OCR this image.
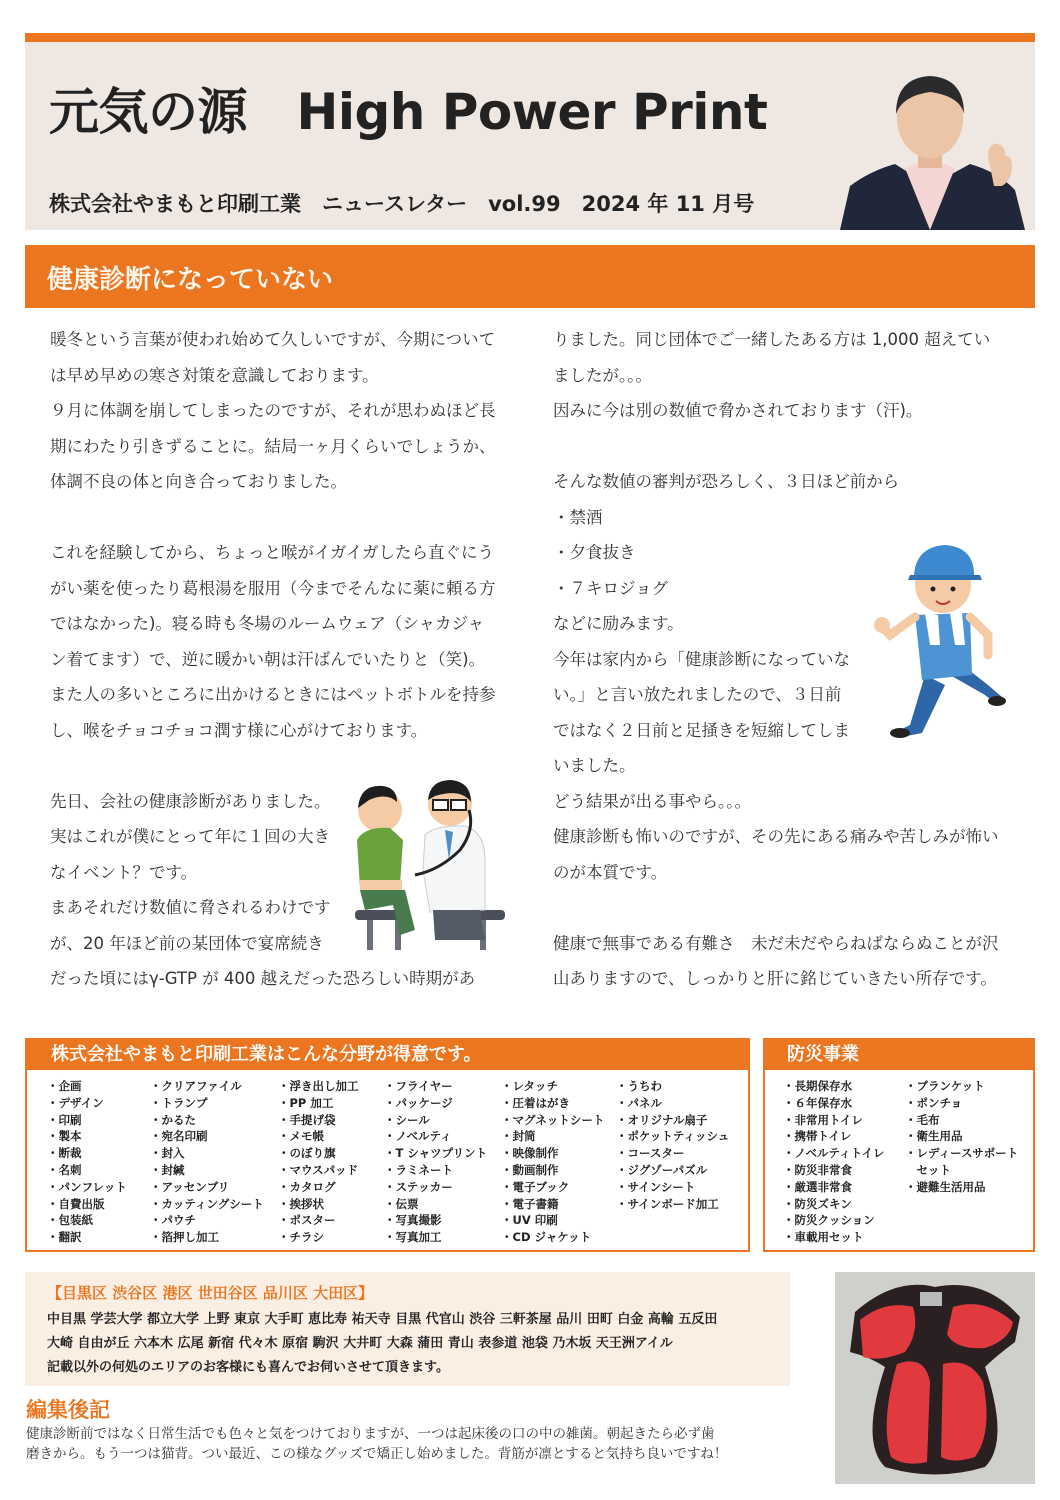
元気の源　High Power Print
株式会社やまもと印刷工業　ニュースレター　vol.99　2024 年 11 月号
健康診断になっていない

暖冬という言葉が使われ始めて久しいですが、今期について

は早め早めの寒さ対策を意識しております。

９月に体調を崩してしまったのですが、それが思わぬほど長

期にわたり引きずることに。結局一ヶ月くらいでしょうか、

体調不良の体と向き合っておりました。

これを経験してから、ちょっと喉がイガイガしたら直ぐにう

がい薬を使ったり葛根湯を服用（今までそんなに薬に頼る方

ではなかった)。寝る時も冬場のルームウェア（シャカジャ

ン着てます）で、逆に暖かい朝は汗ばんでいたりと（笑)。

また人の多いところに出かけるときにはペットボトルを持参

し、喉をチョコチョコ潤す様に心がけております。

先日、会社の健康診断がありました。

実はこれが僕にとって年に１回の大き

なイベント？です。

まあそれだけ数値に脅されるわけです

が、20 年ほど前の某団体で宴席続き

だった頃にはγ-GTP が 400 越えだった恐ろしい時期があ

りました。同じ団体でご一緒したある方は 1,000 超えてい

ましたが。。。

因みに今は別の数値で脅かされております（汗)。

そんな数値の審判が恐ろしく、３日ほど前から

・禁酒

・夕食抜き

・７キロジョグ

などに励みます。

今年は家内から「健康診断になっていな

い。」と言い放たれましたので、３日前

ではなく２日前と足掻きを短縮してしま

いました。

どう結果が出る事やら。。。

健康診断も怖いのですが、その先にある痛みや苦しみが怖い

のが本質です。

健康で無事である有難さ　未だ未だやらねばならぬことが沢

山ありますので、しっかりと肝に銘じていきたい所存です。

株式会社やまもと印刷工業はこんな分野が得意です。
・ 企画
・ デザイン
・ 印刷
・ 製本
・ 断裁
・ 名刺
・ パンフレット
・ 自費出版
・ 包装紙
・ 翻訳
・ クリアファイル
・ トランプ
・ かるた
・ 宛名印刷
・ 封入
・ 封緘
・ アッセンブリ
・ カッティングシート
・ パウチ
・ 箔押し加工
・ 浮き出し加工
・ PP 加工
・ 手提げ袋
・ メモ帳
・ のぼり旗
・ マウスパッド
・ カタログ
・ 挨拶状
・ ポスター
・ チラシ
・ フライヤー
・ パッケージ
・ シール
・ ノベルティ
・ T シャツプリント
・ ラミネート
・ ステッカー
・ 伝票
・ 写真撮影
・ 写真加工
・ レタッチ
・ 圧着はがき
・ マグネットシート
・ 封筒
・ 映像制作
・ 動画制作
・ 電子ブック
・ 電子書籍
・ UV 印刷
・ CD ジャケット
・ うちわ
・ パネル
・ オリジナル扇子
・ ポケットティッシュ
・ コースター
・ ジグゾーパズル
・ サインシート
・ サインボード加工
防災事業
・ 長期保存水
・ ６年保存水
・ 非常用トイレ
・ 携帯トイレ
・ ノベルティトイレ
・ 防災非常食
・ 厳選非常食
・ 防災ズキン
・ 防災クッション
・ 車載用セット
・ ブランケット
・ ポンチョ
・ 毛布
・ 衛生用品
・ レディースサポート
セット
・ 避難生活用品
【目黒区 渋谷区 港区 世田谷区 品川区 大田区】
中目黒 学芸大学 都立大学 上野 東京 大手町 恵比寿 祐天寺 目黒 代官山 渋谷 三軒茶屋 品川 田町 白金 高輪 五反田
大崎 自由が丘 六本木 広尾 新宿 代々木 原宿 駒沢 大井町 大森 蒲田 青山 表参道 池袋 乃木坂 天王洲アイル
記載以外の何処のエリアのお客様にも喜んでお伺いさせて頂きます。
編集後記
健康診断前ではなく日常生活でも色々と気をつけておりますが、一つは起床後の口の中の雑菌。朝起きたら必ず歯
磨きから。もう一つは猫背。つい最近、この様なグッズで矯正し始めました。背筋が凛とすると気持ち良いですね！
